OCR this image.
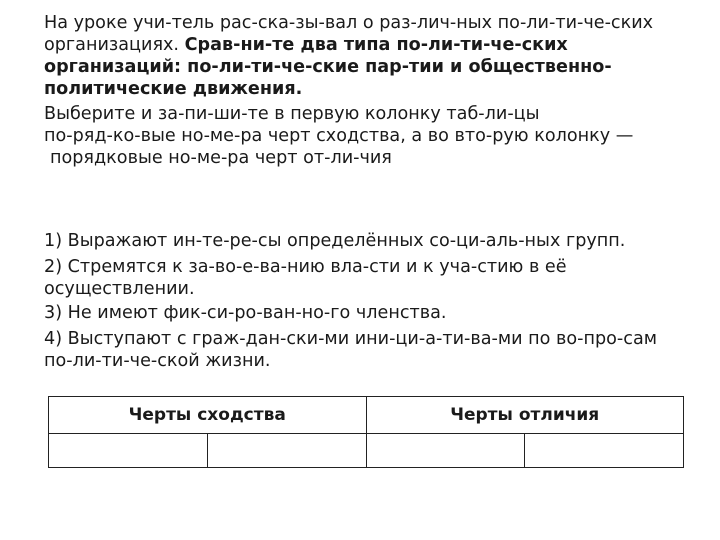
На уроке учи-тель рас-ска-зы-вал о раз-лич-ных по-ли-ти-че-ских
организациях. Срав-ни-те два типа по-ли-ти-че-ских
организаций: по-ли-ти-че-ские пар-тии и общественно-
политические движения.

Выберите и за-пи-ши-те в первую колонку таб-ли-цы
по-ряд-ко-вые но-ме-ра черт сходства, а во вто-рую колонку —
порядковые но-ме-ра черт от-ли-чия

1) Выражают ин-те-ре-сы определённых со-ци-аль-ных групп.
2) Стремятся к за-во-е-ва-нию вла-сти и к уча-стию в её
осуществлении.
3) Не имеют фик-си-ро-ван-но-го членства.
4) Выступают с граж-дан-ски-ми ини-ци-а-ти-ва-ми по во-про-сам
по-ли-ти-че-ской жизни.
Черты сходства		Черты отличия	
